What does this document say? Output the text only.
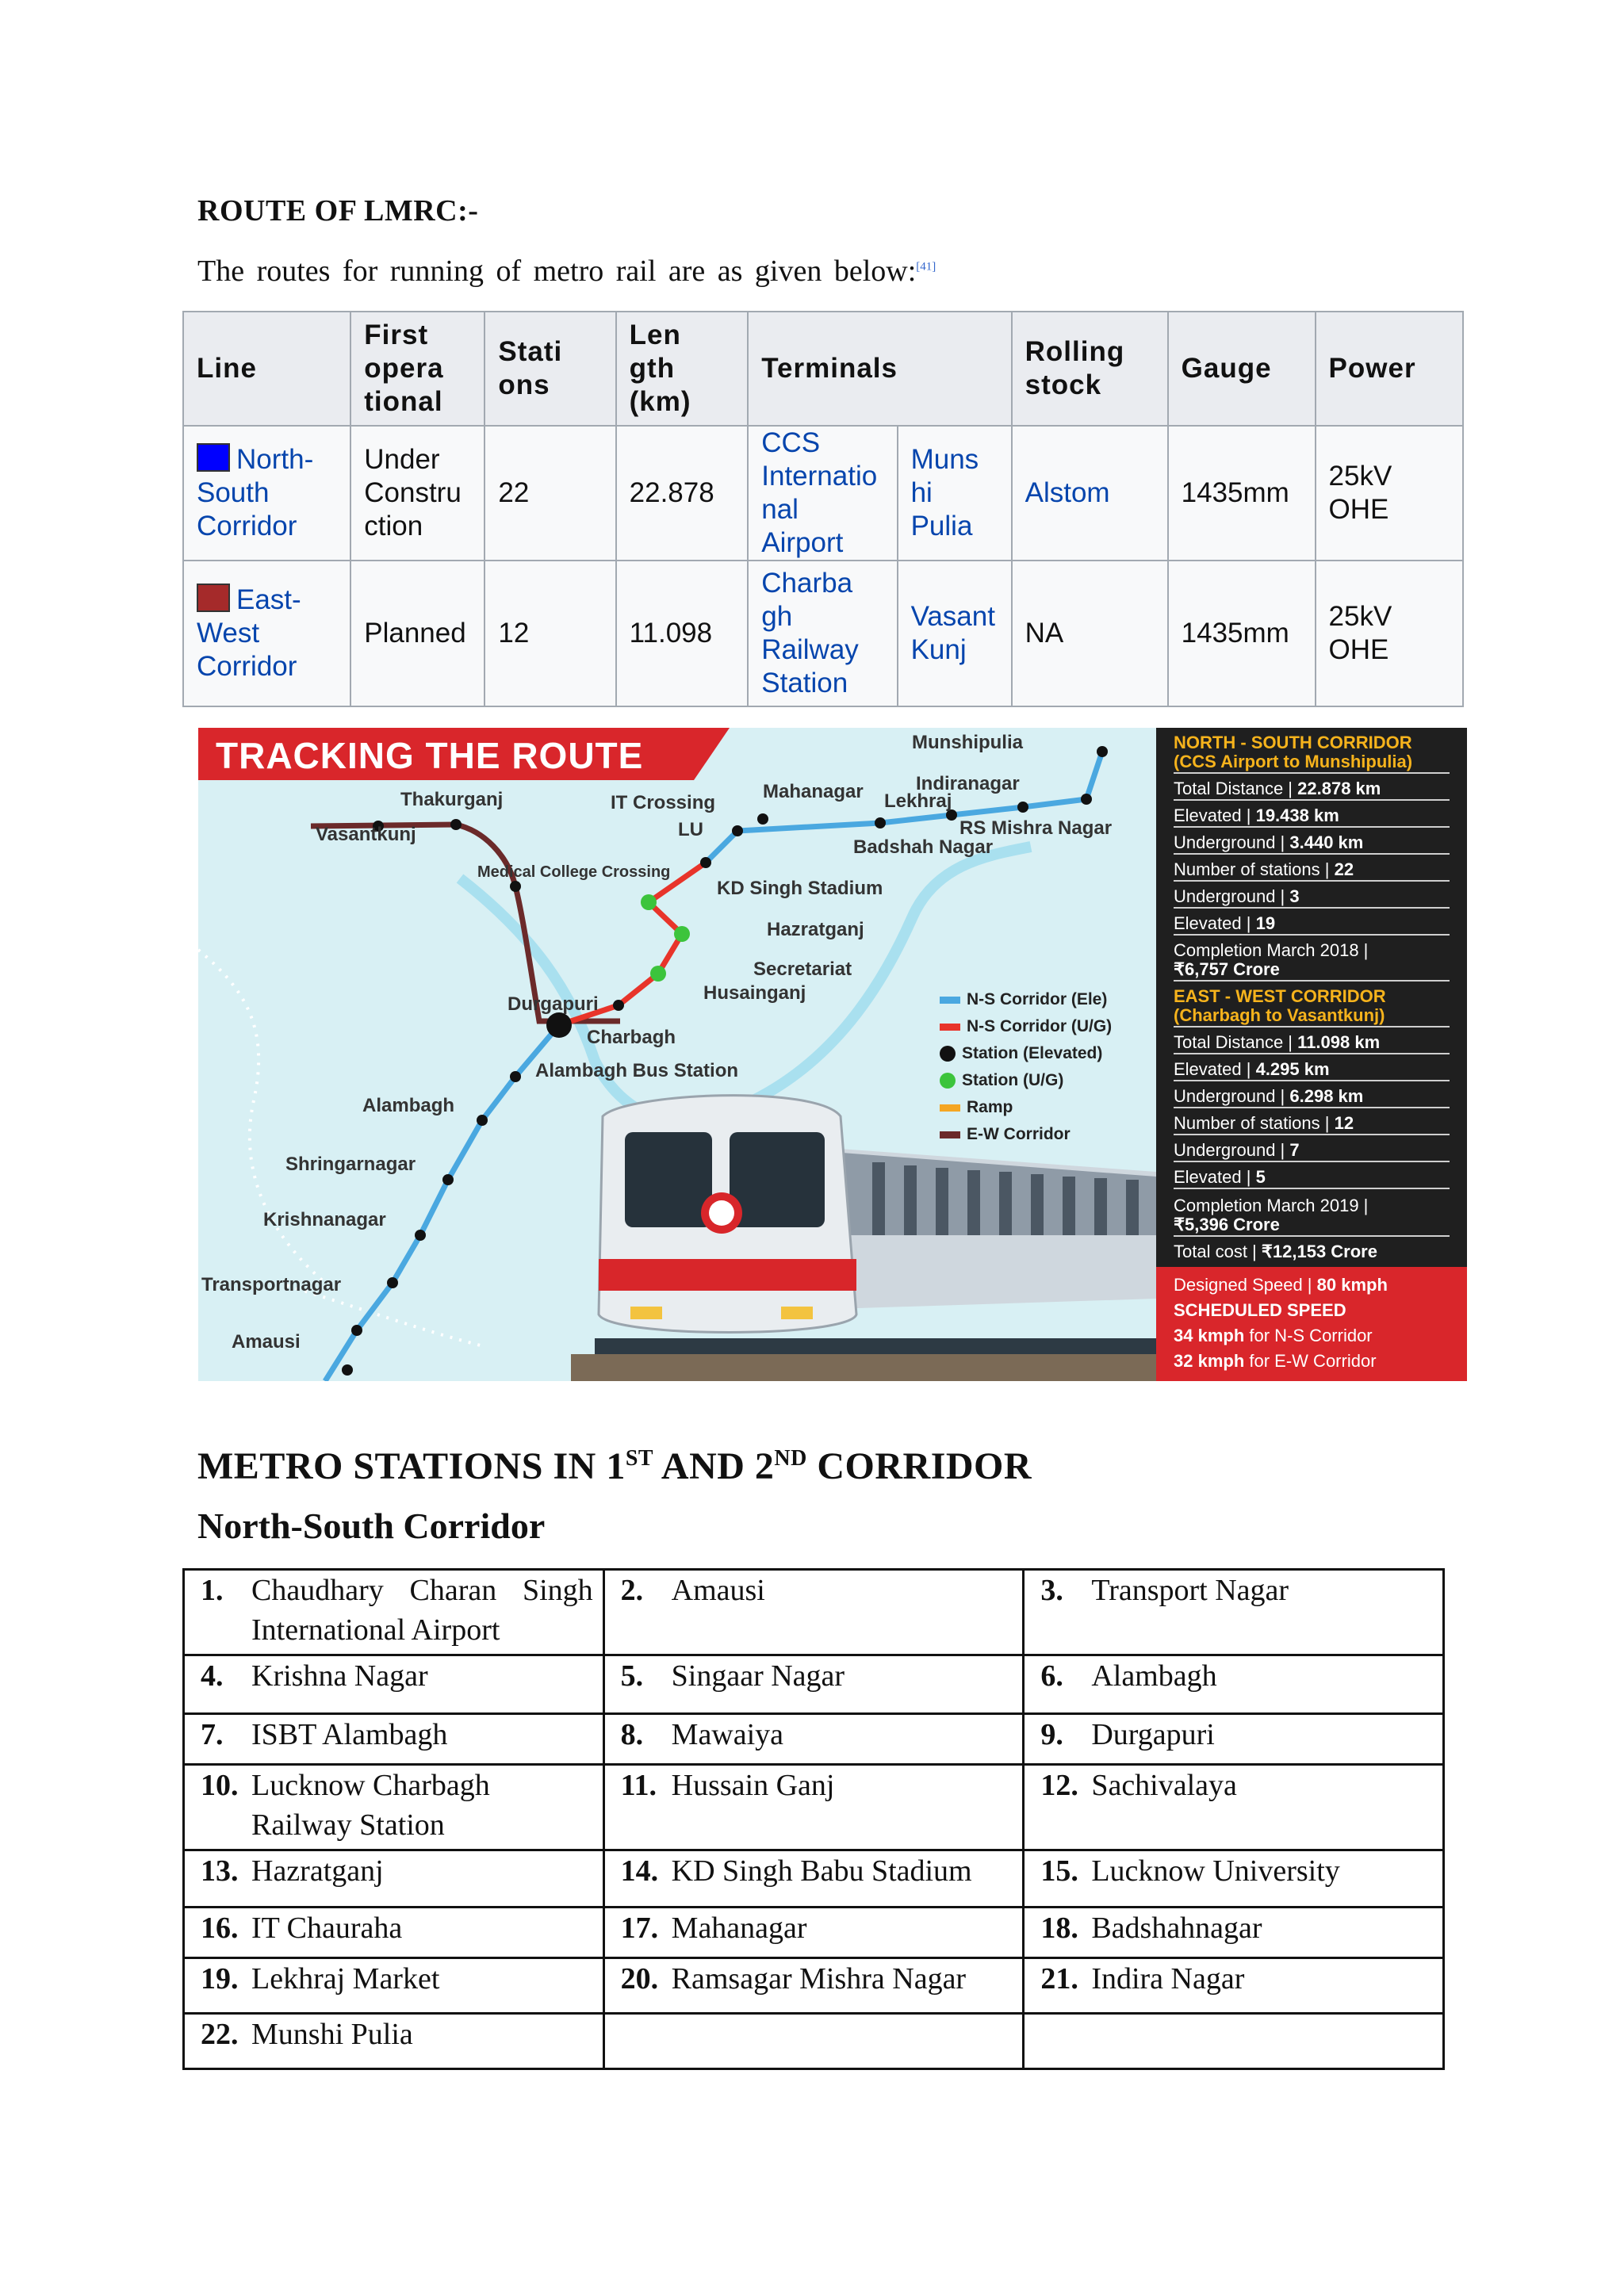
ROUTE OF LMRC:-
The routes for running of metro rail are as given below:[41]
Line	First opera tional	Stati ons	Len gth (km)	Terminals		Rolling stock	Gauge	Power
North- South Corridor	Under Constru ction	22	22.878	CCS Internatio nal Airport	Muns hi Pulia	Alstom	1435mm	25kV OHE
East- West Corridor	Planned	12	11.098	Charba gh Railway Station	Vasant Kunj	NA	1435mm	25kV OHE
Munshipulia
Indiranagar
Mahanagar Lekhraj
RS Mishra Nagar
Badshah Nagar
IT Crossing
LU
Thakurganj
Vasantkunj
Medical College Crossing
KD Singh Stadium
Hazratganj
Secretariat
Husainganj
Durgapuri
Charbagh
Alambagh Bus Station
Alambagh
Shringarnagar
Krishnanagar
Transportnagar
Amausi
TRACKING THE ROUTE
N-S Corridor (Ele)
N-S Corridor (U/G)
Station (Elevated)
Station (U/G)
Ramp
E-W Corridor
NORTH - SOUTH CORRIDOR
(CCS Airport to Munshipulia)
Total Distance | 22.878 km
Elevated | 19.438 km
Underground | 3.440 km
Number of stations | 22
Underground | 3
Elevated | 19
Completion March 2018 |
₹6,757 Crore
EAST - WEST CORRIDOR
(Charbagh to Vasantkunj)
Total Distance | 11.098 km
Elevated | 4.295 km
Underground | 6.298 km
Number of stations | 12
Underground | 7
Elevated | 5
Completion March 2019 |
₹5,396 Crore
Total cost | ₹12,153 Crore
Designed Speed | 80 kmph
SCHEDULED SPEED
34 kmph for N-S Corridor
32 kmph for E-W Corridor
METRO STATIONS IN 1ST AND 2ND CORRIDOR
North-South Corridor
1. Chaudhary Charan Singh International Airport	2. Amausi	3. Transport Nagar

4. Krishna Nagar	5. Singaar Nagar	6. Alambagh

7. ISBT Alambagh	8. Mawaiya	9. Durgapuri

10. Lucknow Charbagh Railway Station	11. Hussain Ganj	12. Sachivalaya

13. Hazratganj	14. KD Singh Babu Stadium	15. Lucknow University

16. IT Chauraha	17. Mahanagar	18. Badshahnagar

19. Lekhraj Market	20. Ramsagar Mishra Nagar	21. Indira Nagar

22. Munshi Pulia		
